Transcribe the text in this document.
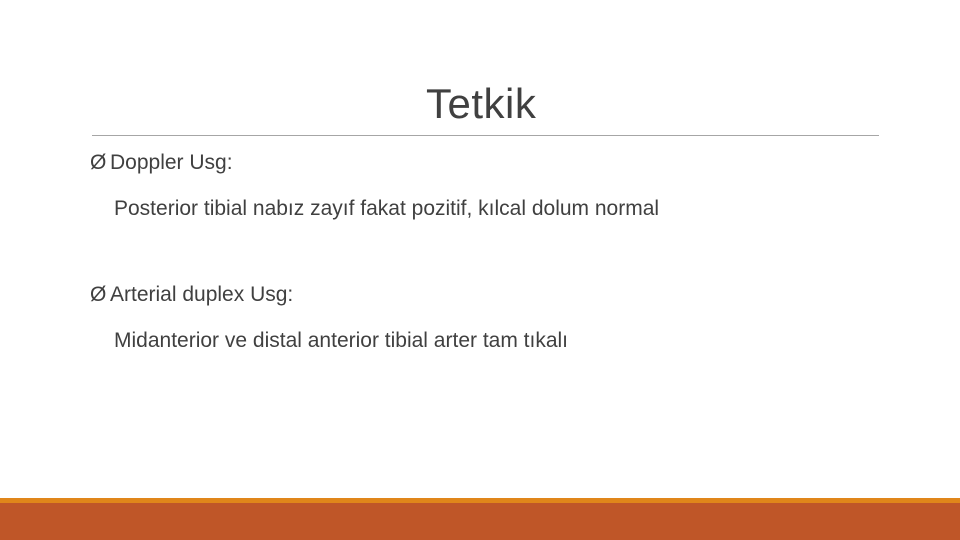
Tetkik
Ø Doppler Usg:
Posterior tibial nabız zayıf fakat pozitif, kılcal dolum normal
Ø Arterial duplex Usg:
Midanterior ve distal anterior tibial arter tam tıkalı
